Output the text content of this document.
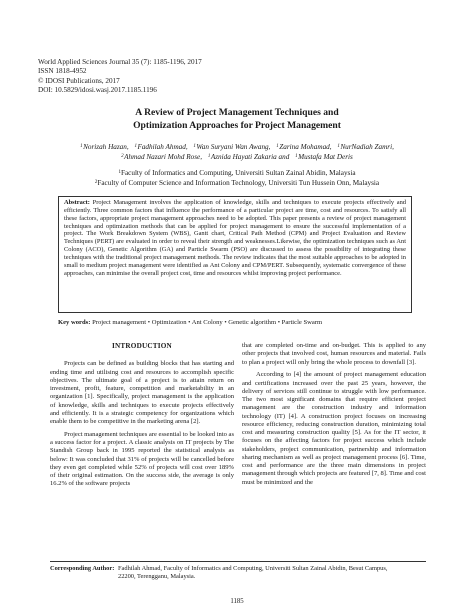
World Applied Sciences Journal 35 (7): 1185-1196, 2017
ISSN 1818-4952
© IDOSI Publications, 2017
DOI: 10.5829/idosi.wasj.2017.1185.1196
A Review of Project Management Techniques and
Optimization Approaches for Project Management
$^1$Norizah Hazan, $^1$Fadhilah Ahmad, $^1$Wan Suryani Wan Awang, $^1$Zarina Mohamad, $^1$NurNadiah Zamri,
$^2$Ahmad Nazari Mohd Rose, $^1$Aznida Hayati Zakaria and $^1$Mustafa Mat Deris
$^1$Faculty of Informatics and Computing, Universiti Sultan Zainal Abidin, Malaysia
$^2$Faculty of Computer Science and Information Technology, Universiti Tun Hussein Onn, Malaysia
Abstract: Project Management involves the application of knowledge, skills and techniques to execute projects effectively and efficiently. Three common factors that influence the performance of a particular project are time, cost and resources. To satisfy all these factors, appropriate project management approaches need to be adopted. This paper presents a review of project management techniques and optimization methods that can be applied for project management to ensure the successful implementation of a project. The Work Breakdown System (WBS), Gantt chart, Critical Path Method (CPM) and Project Evaluation and Review Techniques (PERT) are evaluated in order to reveal their strength and weaknesses.Likewise, the optimization techniques such as Ant Colony (ACO), Genetic Algorithm (GA) and Particle Swarm (PSO) are discussed to assess the possibility of integrating these techniques with the traditional project management methods. The review indicates that the most suitable approaches to be adopted in small to medium project management were identified as Ant Colony and CPM/PERT. Subsequently, systematic convergence of these approaches, can minimise the overall project cost, time and resources whilst improving project performance.
Key words: Project management • Optimization • Ant Colony • Genetic algorithm • Particle Swarm
INTRODUCTION

Projects can be defined as building blocks that has starting and ending time and utilising cost and resources to accomplish specific objectives. The ultimate goal of a project is to attain return on investment, profit, feature, competition and marketability in an organization [1]. Specifically, project management is the application of knowledge, skills and techniques to execute projects effectively and efficiently. It is a strategic competency for organizations which enable them to be competitive in the marketing arena [2].

Project management techniques are essential to be looked into as a success factor for a project. A classic analysis on IT projects by The Standish Group back in 1995 reported the statistical analysis as below: It was concluded that 31% of projects will be cancelled before they even get completed while 52% of projects will cost over 189% of their original estimation. On the success side, the average is only 16.2% of the software projects

that are completed on-time and on-budget. This is applied to any other projects that involved cost, human resources and material. Fails to plan a project will only bring the whole process to downfall [3].

According to [4] the amount of project management education and certifications increased over the past 25 years, however, the delivery of services still continue to struggle with low performance. The two most significant domains that require efficient project management are the construction industry and information technology (IT) [4]. A construction project focuses on increasing resource efficiency, reducing construction duration, minimizing total cost and measuring construction quality [5]. As for the IT sector, it focuses on the affecting factors for project success which include stakeholders, project communication, partnership and information sharing mechanism as well as project management process [6]. Time, cost and performance are the three main dimensions in project management through which projects are featured [7, 8]. Time and cost must be minimized and the

Corresponding Author: Fadhilah Ahmad, Faculty of Informatics and Computing, Universiti Sultan Zainal Abidin, Besut Campus,
22200, Terengganu, Malaysia.
1185
